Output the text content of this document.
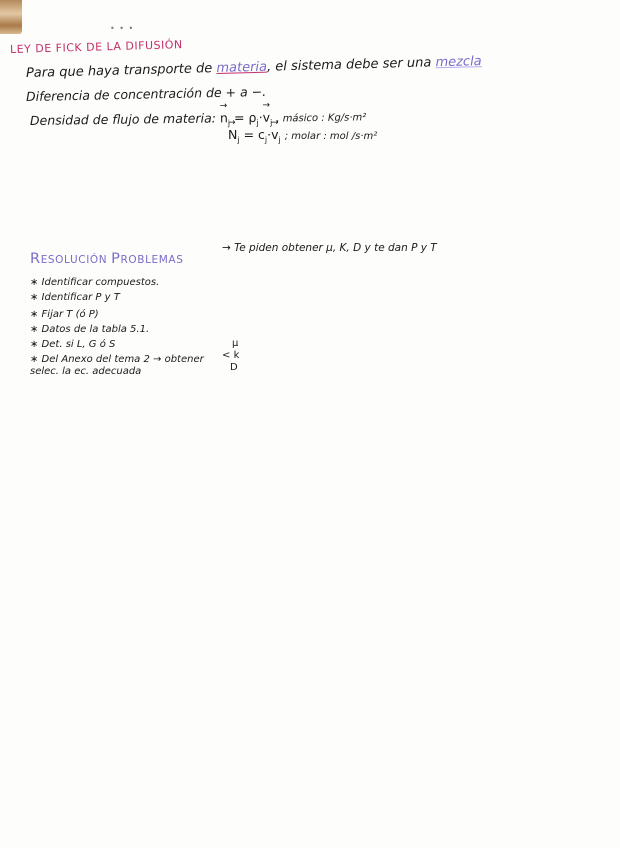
• • •
LEY DE FICK DE LA DIFUSIÓN
Para que haya transporte de materia, el sistema debe ser una mezcla
Diferencia de concentración de + a −.
Densidad de flujo de materia: → $n_j = \rho_j\cdot\to v_j$ , másico : Kg/s·m²
→ $N_j = c_j\cdot\to v_j$ ; molar : mol /s·m²
RESOLUCIÓN PROBLEMAS
→ Te piden obtener μ, K, D y te dan P y T
∗ Identificar compuestos.
∗ Identificar P y T
∗ Fijar T (ó P)
∗ Datos de la tabla 5.1.
∗ Det. si L, G ó S
∗ Del Anexo del tema 2 → obtener
selec. la ec. adecuada
μ
< k
D
